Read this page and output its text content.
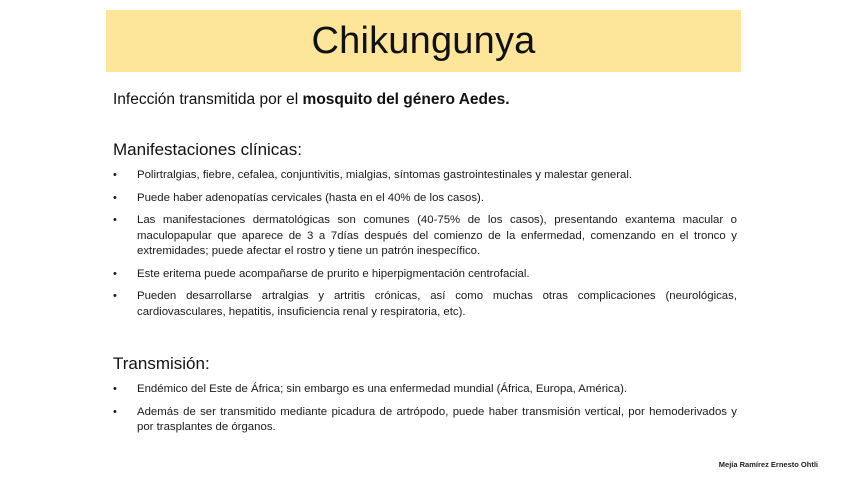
Chikungunya
Infección transmitida por el mosquito del género Aedes.
Manifestaciones clínicas:
• Polirtralgias, fiebre, cefalea, conjuntivitis, mialgias, síntomas gastrointestinales y malestar general.
• Puede haber adenopatías cervicales (hasta en el 40% de los casos).
• Las manifestaciones dermatológicas son comunes (40-75% de los casos), presentando exantema macular o maculopapular que aparece de 3 a 7días después del comienzo de la enfermedad, comenzando en el tronco y extremidades; puede afectar el rostro y tiene un patrón inespecífico.
• Este eritema puede acompañarse de prurito e hiperpigmentación centrofacial.
• Pueden desarrollarse artralgias y artritis crónicas, así como muchas otras complicaciones (neurológicas, cardiovasculares, hepatitis, insuficiencia renal y respiratoria, etc).
Transmisión:
• Endémico del Este de África; sin embargo es una enfermedad mundial (África, Europa, América).
• Además de ser transmitido mediante picadura de artrópodo, puede haber transmisión vertical, por hemoderivados y por trasplantes de órganos.
Mejía Ramírez Ernesto Ohtli
